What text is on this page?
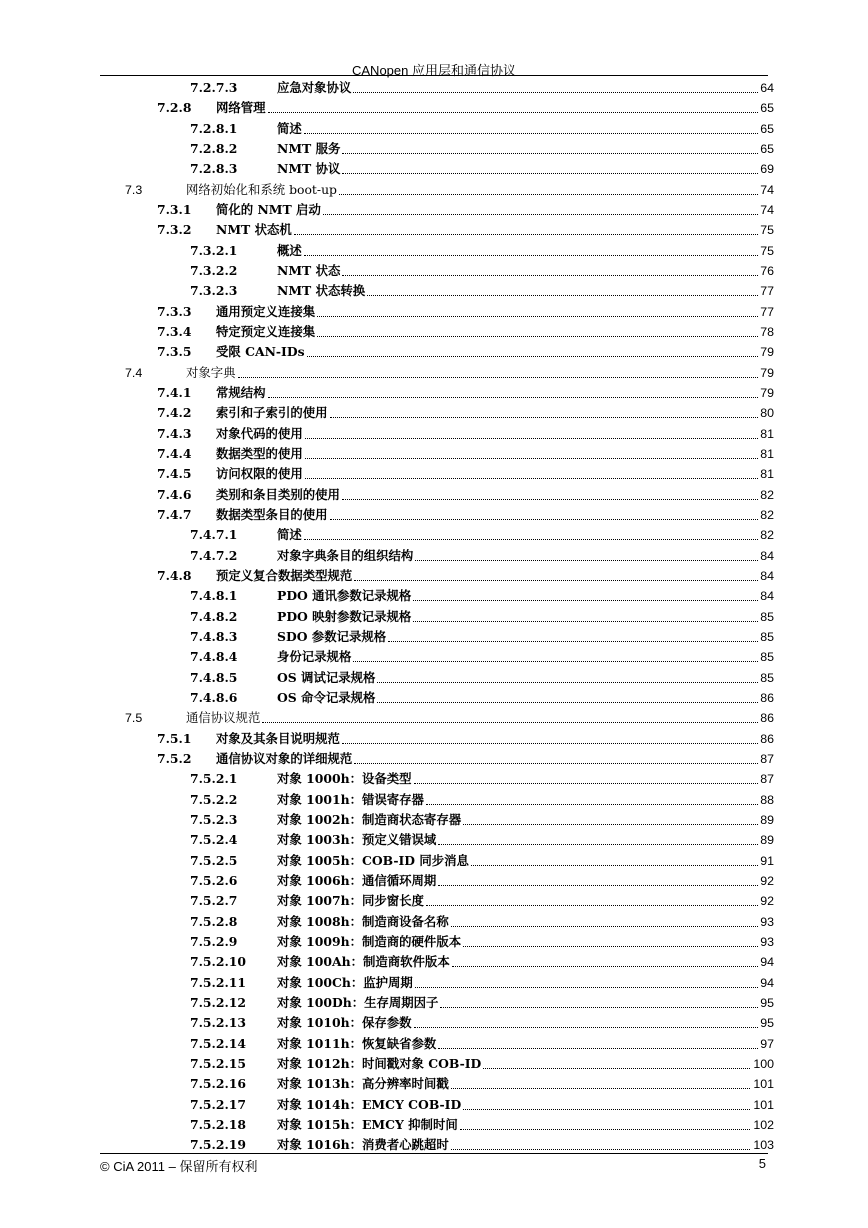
CANopen 应用层和通信协议
7.2.7.3	应急对象协议	64
7.2.8 网络管理	65
7.2.8.1	简述	65
7.2.8.2	NMT 服务	65
7.2.8.3	NMT 协议	69
7.3	网络初始化和系统 boot-up	74
7.3.1 简化的 NMT 启动	74
7.3.2 NMT 状态机	75
7.3.2.1	概述	75
7.3.2.2	NMT 状态	76
7.3.2.3	NMT 状态转换	77
7.3.3 通用预定义连接集	77
7.3.4 特定预定义连接集	78
7.3.5 受限 CAN-IDs	79
7.4	对象字典	79
7.4.1 常规结构	79
7.4.2 索引和子索引的使用	80
7.4.3 对象代码的使用	81
7.4.4 数据类型的使用	81
7.4.5 访问权限的使用	81
7.4.6 类别和条目类别的使用	82
7.4.7 数据类型条目的使用	82
7.4.7.1	简述	82
7.4.7.2	对象字典条目的组织结构	84
7.4.8 预定义复合数据类型规范	84
7.4.8.1	PDO 通讯参数记录规格	84
7.4.8.2	PDO 映射参数记录规格	85
7.4.8.3	SDO 参数记录规格	85
7.4.8.4	身份记录规格	85
7.4.8.5	OS 调试记录规格	85
7.4.8.6	OS 命令记录规格	86
7.5	通信协议规范	86
7.5.1 对象及其条目说明规范	86
7.5.2 通信协议对象的详细规范	87
7.5.2.1	对象 1000h：设备类型	87
7.5.2.2	对象 1001h：错误寄存器	88
7.5.2.3	对象 1002h：制造商状态寄存器	89
7.5.2.4	对象 1003h：预定义错误域	89
7.5.2.5	对象 1005h：COB-ID 同步消息	91
7.5.2.6	对象 1006h：通信循环周期	92
7.5.2.7	对象 1007h：同步窗长度	92
7.5.2.8	对象 1008h：制造商设备名称	93
7.5.2.9	对象 1009h：制造商的硬件版本	93
7.5.2.10 对象 100Ah：制造商软件版本	94
7.5.2.11 对象 100Ch：监护周期	94
7.5.2.12 对象 100Dh：生存周期因子	95
7.5.2.13 对象 1010h：保存参数	95
7.5.2.14 对象 1011h：恢复缺省参数	97
7.5.2.15 对象 1012h：时间戳对象 COB-ID	100
7.5.2.16 对象 1013h：高分辨率时间戳	101
7.5.2.17 对象 1014h：EMCY COB-ID	101
7.5.2.18 对象 1015h：EMCY 抑制时间	102
7.5.2.19 对象 1016h：消费者心跳超时	103
© CiA 2011 – 保留所有权利	5
